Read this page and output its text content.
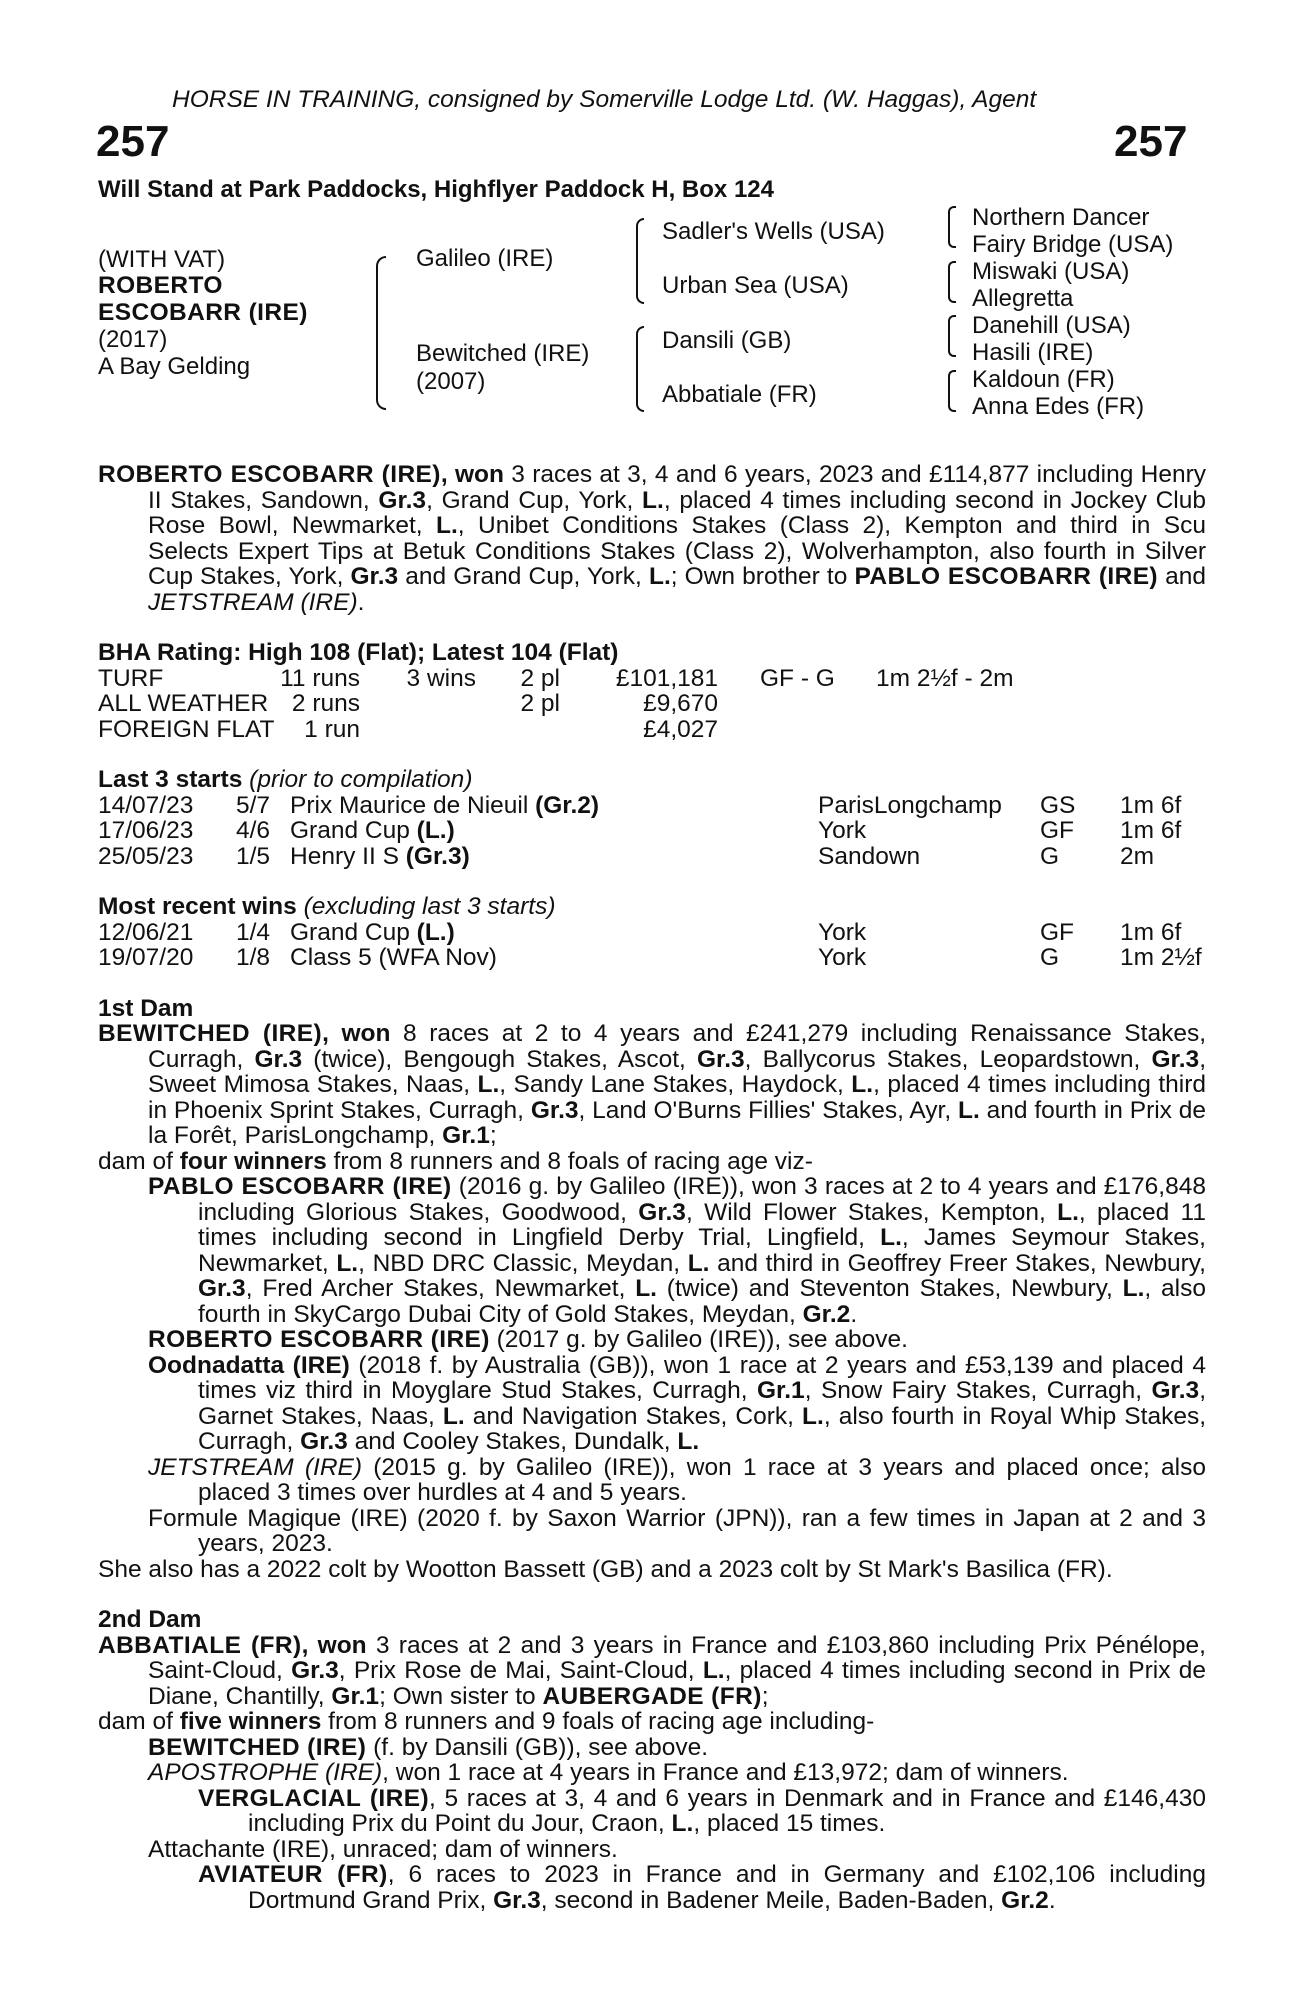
HORSE IN TRAINING, consigned by Somerville Lodge Ltd. (W. Haggas), Agent
257	257
Will Stand at Park Paddocks, Highflyer Paddock H, Box 124
(WITH VAT)
ROBERTO
ESCOBARR (IRE)
(2017)
A Bay Gelding
Galileo (IRE)
Bewitched (IRE)
(2007)
Sadler's Wells (USA)
Urban Sea (USA)
Dansili (GB)
Abbatiale (FR)
Northern Dancer
Fairy Bridge (USA)
Miswaki (USA)
Allegretta
Danehill (USA)
Hasili (IRE)
Kaldoun (FR)
Anna Edes (FR)
ROBERTO ESCOBARR (IRE), won 3 races at 3, 4 and 6 years, 2023 and £114,877 including Henry II Stakes, Sandown, Gr.3, Grand Cup, York, L., placed 4 times including second in Jockey Club Rose Bowl, Newmarket, L., Unibet Conditions Stakes (Class 2), Kempton and third in Scu Selects Expert Tips at Betuk Conditions Stakes (Class 2), Wolverhampton, also fourth in Silver Cup Stakes, York, Gr.3 and Grand Cup, York, L.; Own brother to PABLO ESCOBARR (IRE) and JETSTREAM (IRE).
BHA Rating: High 108 (Flat); Latest 104 (Flat)
TURF	11 runs 3 wins 2 pl £101,181 GF - G 1m 2½f - 2m
ALL WEATHER 2 runs	2 pl	£9,670
FOREIGN FLAT 1 run	£4,027
Last 3 starts (prior to compilation)
14/07/23 5/7 Prix Maurice de Nieuil (Gr.2)	ParisLongchamp GS 1m 6f
17/06/23 4/6 Grand Cup (L.)	York	GF 1m 6f
25/05/23 1/5 Henry II S (Gr.3)	Sandown	G 2m
Most recent wins (excluding last 3 starts)
12/06/21 1/4 Grand Cup (L.)	York	GF 1m 6f
19/07/20 1/8 Class 5 (WFA Nov)	York	G 1m 2½f
1st Dam
BEWITCHED (IRE), won 8 races at 2 to 4 years and £241,279 including Renaissance Stakes, Curragh, Gr.3 (twice), Bengough Stakes, Ascot, Gr.3, Ballycorus Stakes, Leopardstown, Gr.3, Sweet Mimosa Stakes, Naas, L., Sandy Lane Stakes, Haydock, L., placed 4 times including third in Phoenix Sprint Stakes, Curragh, Gr.3, Land O'Burns Fillies' Stakes, Ayr, L. and fourth in Prix de la Forêt, ParisLongchamp, Gr.1;
dam of four winners from 8 runners and 8 foals of racing age viz-
PABLO ESCOBARR (IRE) (2016 g. by Galileo (IRE)), won 3 races at 2 to 4 years and £176,848 including Glorious Stakes, Goodwood, Gr.3, Wild Flower Stakes, Kempton, L., placed 11 times including second in Lingfield Derby Trial, Lingfield, L., James Seymour Stakes, Newmarket, L., NBD DRC Classic, Meydan, L. and third in Geoffrey Freer Stakes, Newbury, Gr.3, Fred Archer Stakes, Newmarket, L. (twice) and Steventon Stakes, Newbury, L., also fourth in SkyCargo Dubai City of Gold Stakes, Meydan, Gr.2.
ROBERTO ESCOBARR (IRE) (2017 g. by Galileo (IRE)), see above.
Oodnadatta (IRE) (2018 f. by Australia (GB)), won 1 race at 2 years and £53,139 and placed 4 times viz third in Moyglare Stud Stakes, Curragh, Gr.1, Snow Fairy Stakes, Curragh, Gr.3, Garnet Stakes, Naas, L. and Navigation Stakes, Cork, L., also fourth in Royal Whip Stakes, Curragh, Gr.3 and Cooley Stakes, Dundalk, L.
JETSTREAM (IRE) (2015 g. by Galileo (IRE)), won 1 race at 3 years and placed once; also placed 3 times over hurdles at 4 and 5 years.
Formule Magique (IRE) (2020 f. by Saxon Warrior (JPN)), ran a few times in Japan at 2 and 3 years, 2023.
She also has a 2022 colt by Wootton Bassett (GB) and a 2023 colt by St Mark's Basilica (FR).
2nd Dam
ABBATIALE (FR), won 3 races at 2 and 3 years in France and £103,860 including Prix Pénélope, Saint-Cloud, Gr.3, Prix Rose de Mai, Saint-Cloud, L., placed 4 times including second in Prix de Diane, Chantilly, Gr.1; Own sister to AUBERGADE (FR);
dam of five winners from 8 runners and 9 foals of racing age including-
BEWITCHED (IRE) (f. by Dansili (GB)), see above.
APOSTROPHE (IRE), won 1 race at 4 years in France and £13,972; dam of winners.
VERGLACIAL (IRE), 5 races at 3, 4 and 6 years in Denmark and in France and £146,430 including Prix du Point du Jour, Craon, L., placed 15 times.
Attachante (IRE), unraced; dam of winners.
AVIATEUR (FR), 6 races to 2023 in France and in Germany and £102,106 including Dortmund Grand Prix, Gr.3, second in Badener Meile, Baden-Baden, Gr.2.
